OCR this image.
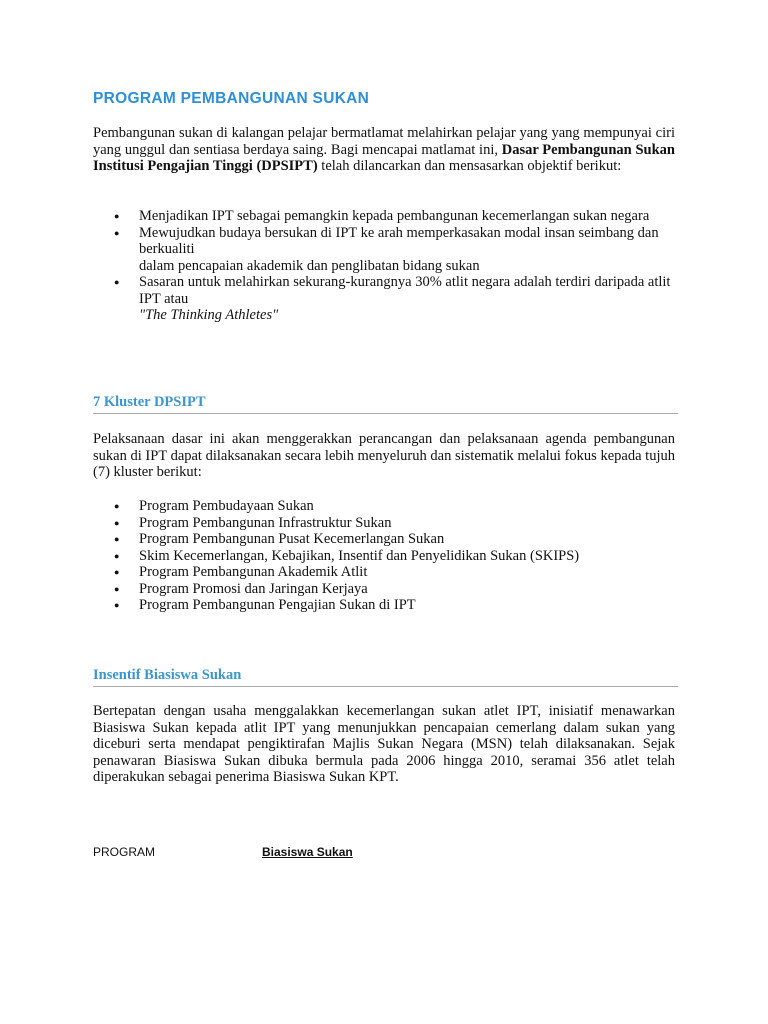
PROGRAM PEMBANGUNAN SUKAN

Pembangunan sukan di kalangan pelajar bermatlamat melahirkan pelajar yang yang mempunyai ciri yang unggul dan sentiasa berdaya saing. Bagi mencapai matlamat ini, Dasar Pembangunan Sukan Institusi Pengajian Tinggi (DPSIPT) telah dilancarkan dan mensasarkan objektif berikut:

● Menjadikan IPT sebagai pemangkin kepada pembangunan kecemerlangan sukan negara
● Mewujudkan budaya bersukan di IPT ke arah memperkasakan modal insan seimbang dan berkualiti
dalam pencapaian akademik dan penglibatan bidang sukan
● Sasaran untuk melahirkan sekurang-kurangnya 30% atlit negara adalah terdiri daripada atlit IPT atau
"The Thinking Athletes"
7 Kluster DPSIPT

Pelaksanaan dasar ini akan menggerakkan perancangan dan pelaksanaan agenda pembangunan sukan di IPT dapat dilaksanakan secara lebih menyeluruh dan sistematik melalui fokus kepada tujuh (7) kluster berikut:

● Program Pembudayaan Sukan
● Program Pembangunan Infrastruktur Sukan
● Program Pembangunan Pusat Kecemerlangan Sukan
● Skim Kecemerlangan, Kebajikan, Insentif dan Penyelidikan Sukan (SKIPS)
● Program Pembangunan Akademik Atlit
● Program Promosi dan Jaringan Kerjaya
● Program Pembangunan Pengajian Sukan di IPT
Insentif Biasiswa Sukan

Bertepatan dengan usaha menggalakkan kecemerlangan sukan atlet IPT, inisiatif menawarkan Biasiswa Sukan kepada atlit IPT yang menunjukkan pencapaian cemerlang dalam sukan yang diceburi serta mendapat pengiktirafan Majlis Sukan Negara (MSN) telah dilaksanakan. Sejak penawaran Biasiswa Sukan dibuka bermula pada 2006 hingga 2010, seramai 356 atlet telah diperakukan sebagai penerima Biasiswa Sukan KPT.

PROGRAM	Biasiswa Sukan
